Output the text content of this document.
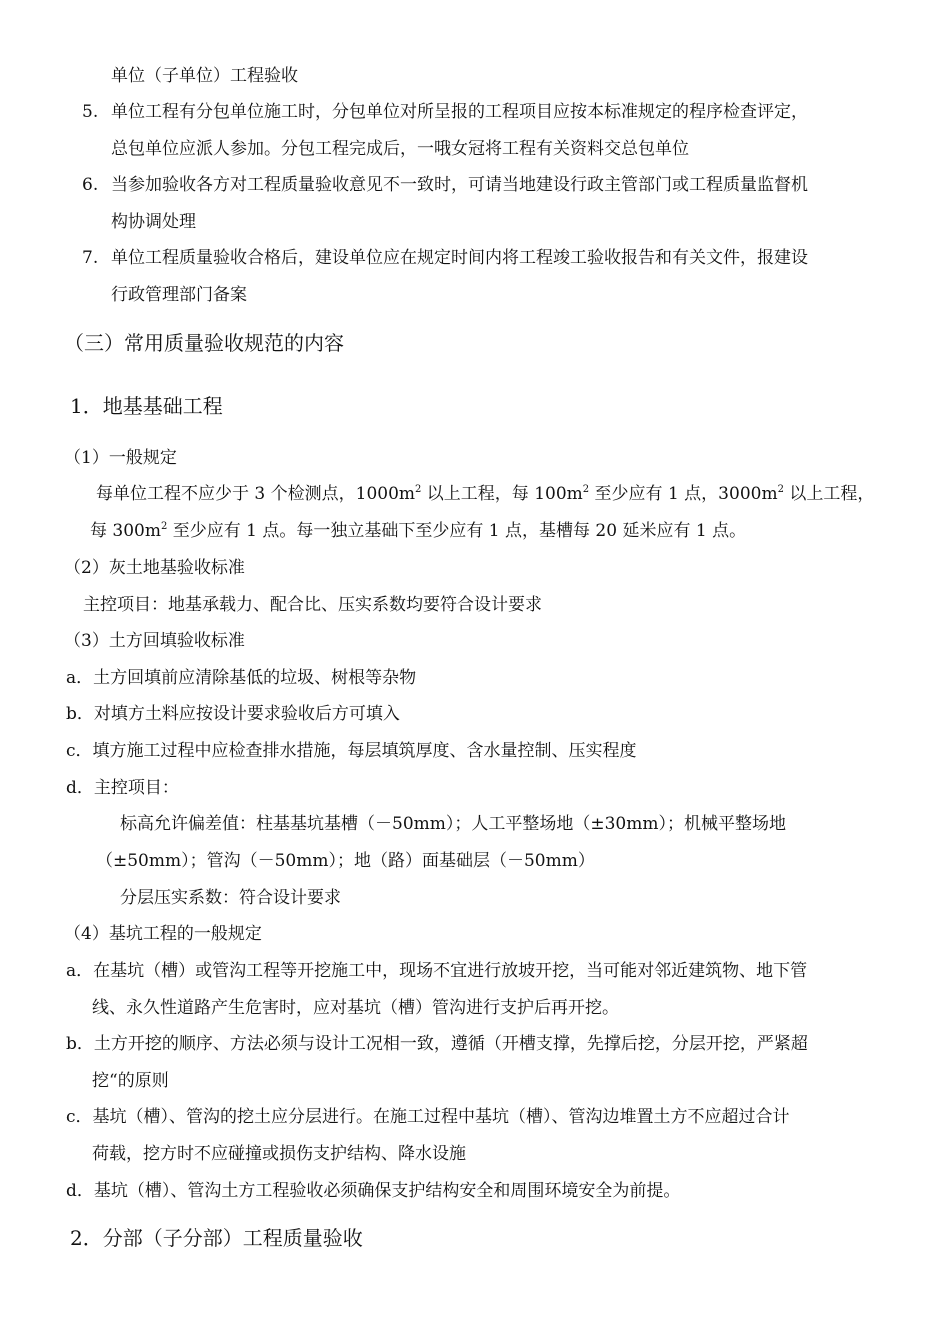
单位（子单位）工程验收
5. 单位工程有分包单位施工时，分包单位对所呈报的工程项目应按本标准规定的程序检查评定，
总包单位应派人参加。分包工程完成后，一哦女冠将工程有关资料交总包单位
6. 当参加验收各方对工程质量验收意见不一致时，可请当地建设行政主管部门或工程质量监督机
构协调处理
7. 单位工程质量验收合格后，建设单位应在规定时间内将工程竣工验收报告和有关文件，报建设
行政管理部门备案
（三）常用质量验收规范的内容
1．地基基础工程
（1）一般规定
每单位工程不应少于 3 个检测点，$1000m^2$ 以上工程，每 $100m^2$ 至少应有 1 点，$3000m^2$ 以上工程，
每 $300m^2$ 至少应有 1 点。每一独立基础下至少应有 1 点，基槽每 20 延米应有 1 点。
（2）灰土地基验收标准
主控项目：地基承载力、配合比、压实系数均要符合设计要求
（3）土方回填验收标准
a．土方回填前应清除基低的垃圾、树根等杂物
b．对填方土料应按设计要求验收后方可填入
c．填方施工过程中应检查排水措施，每层填筑厚度、含水量控制、压实程度
d．主控项目：
标高允许偏差值：柱基基坑基槽（－50mm）；人工平整场地（±30mm）；机械平整场地
（±50mm）；管沟（－50mm）；地（路）面基础层（－50mm）
分层压实系数：符合设计要求
（4）基坑工程的一般规定
a．在基坑（槽）或管沟工程等开挖施工中，现场不宜进行放坡开挖，当可能对邻近建筑物、地下管
线、永久性道路产生危害时，应对基坑（槽）管沟进行支护后再开挖。
b．土方开挖的顺序、方法必须与设计工况相一致，遵循（开槽支撑，先撑后挖，分层开挖，严紧超
挖“的原则
c．基坑（槽）、管沟的挖土应分层进行。在施工过程中基坑（槽）、管沟边堆置土方不应超过合计
荷载，挖方时不应碰撞或损伤支护结构、降水设施
d．基坑（槽）、管沟土方工程验收必须确保支护结构安全和周围环境安全为前提。
2．分部（子分部）工程质量验收
